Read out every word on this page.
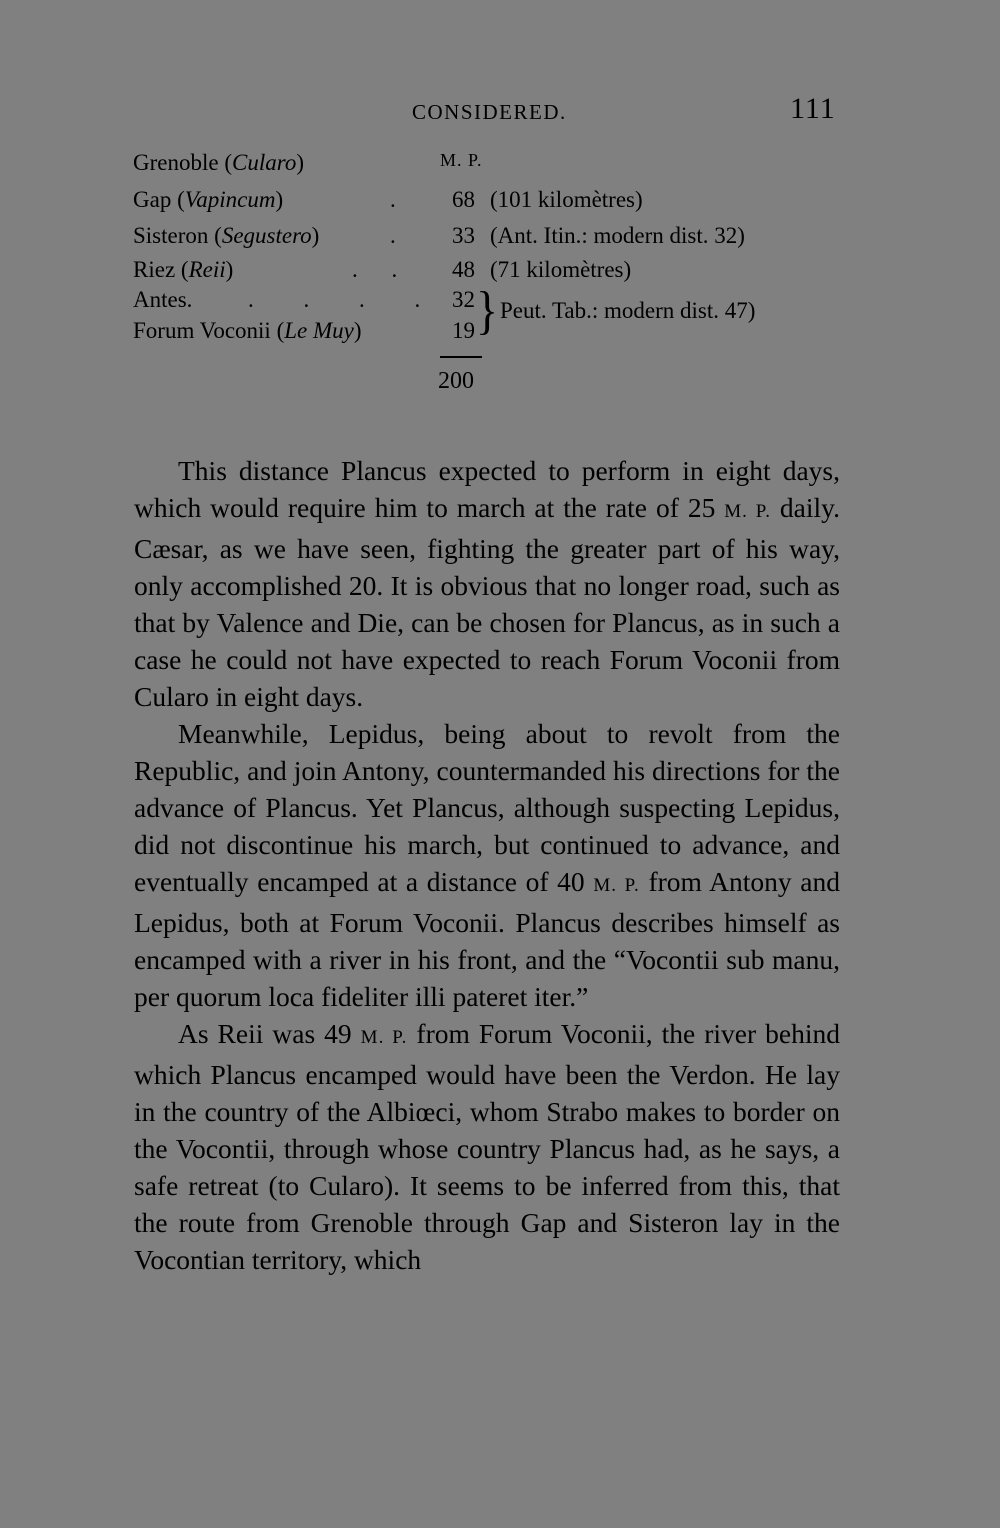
CONSIDERED.	111
Grenoble (Cularo)	M. P.
Gap (Vapincum)	. 68 (101 kilomètres)
Sisteron (Segustero)	. 33 (Ant. Itin.: modern dist. 32)
Riez (Reii)	. . 48 (71 kilomètres)
Antes. . . . . 32
Forum Voconii (Le Muy)	19 } Peut. Tab.: modern dist. 47)
200

This distance Plancus expected to perform in eight days, which would require him to march at the rate of 25 M. P. daily. Cæsar, as we have seen, fighting the greater part of his way, only accomplished 20. It is obvious that no longer road, such as that by Valence and Die, can be chosen for Plancus, as in such a case he could not have expected to reach Forum Voconii from Cularo in eight days.

Meanwhile, Lepidus, being about to revolt from the Republic, and join Antony, countermanded his directions for the advance of Plancus. Yet Plancus, although suspecting Lepidus, did not discontinue his march, but continued to advance, and eventually encamped at a distance of 40 M. P. from Antony and Lepidus, both at Forum Voconii. Plancus describes himself as encamped with a river in his front, and the “Vocontii sub manu, per quorum loca fideliter illi pateret iter.”

As Reii was 49 M. P. from Forum Voconii, the river behind which Plancus encamped would have been the Verdon. He lay in the country of the Albiœci, whom Strabo makes to border on the Vocontii, through whose country Plancus had, as he says, a safe retreat (to Cularo). It seems to be inferred from this, that the route from Grenoble through Gap and Sisteron lay in the Vocontian territory, which
